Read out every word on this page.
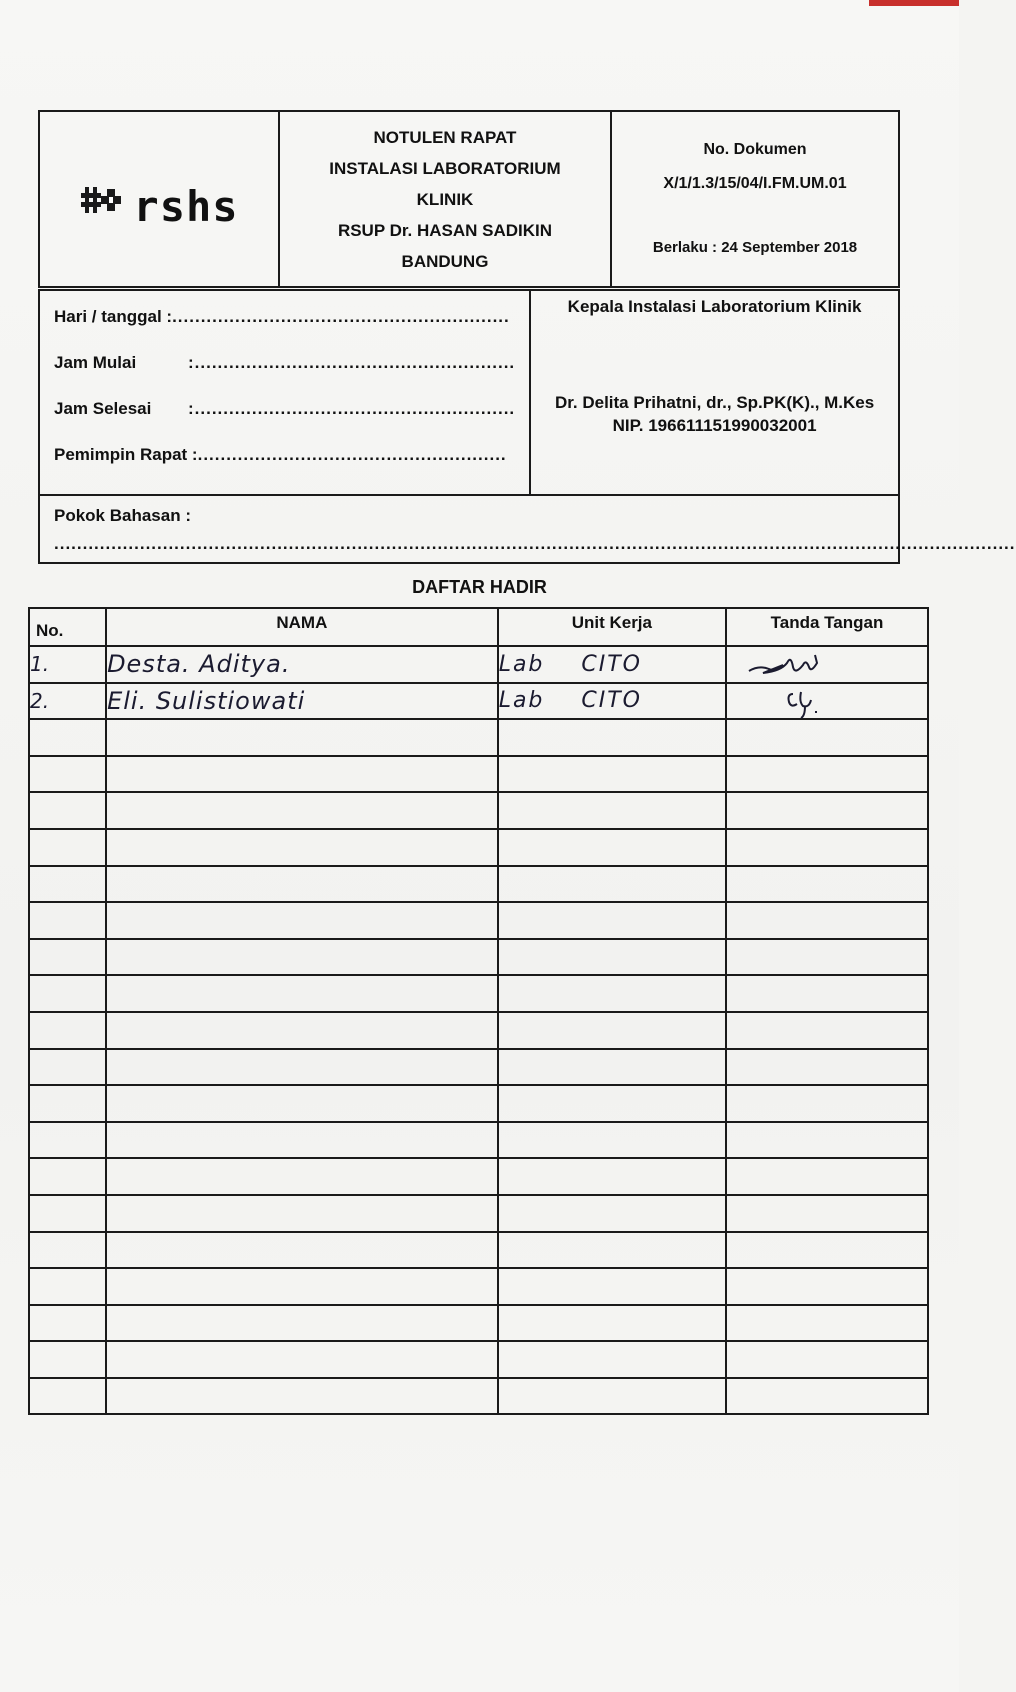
rshs

NOTULEN RAPAT
INSTALASI LABORATORIUM
KLINIK
RSUP Dr. HASAN SADIKIN
BANDUNG

No. Dokumen
X/1/1.3/15/04/I.FM.UM.01
Berlaku : 24 September 2018
Hari / tanggal : ...........................................................
Jam Mulai	:........................................................
Jam Selesai	:........................................................
Pemimpin Rapat : ......................................................

Kepala Instalasi Laboratorium Klinik
Dr. Delita Prihatni, dr., Sp.PK(K)., M.Kes
NIP. 196611151990032001
Pokok Bahasan :
........................................................................................................................................................................
DAFTAR HADIR
No.	NAMA	Unit Kerja	Tanda Tangan
1.	Desta. Aditya.	Lab CITO	

2.	Eli. Sulistiowati	Lab CITO	
